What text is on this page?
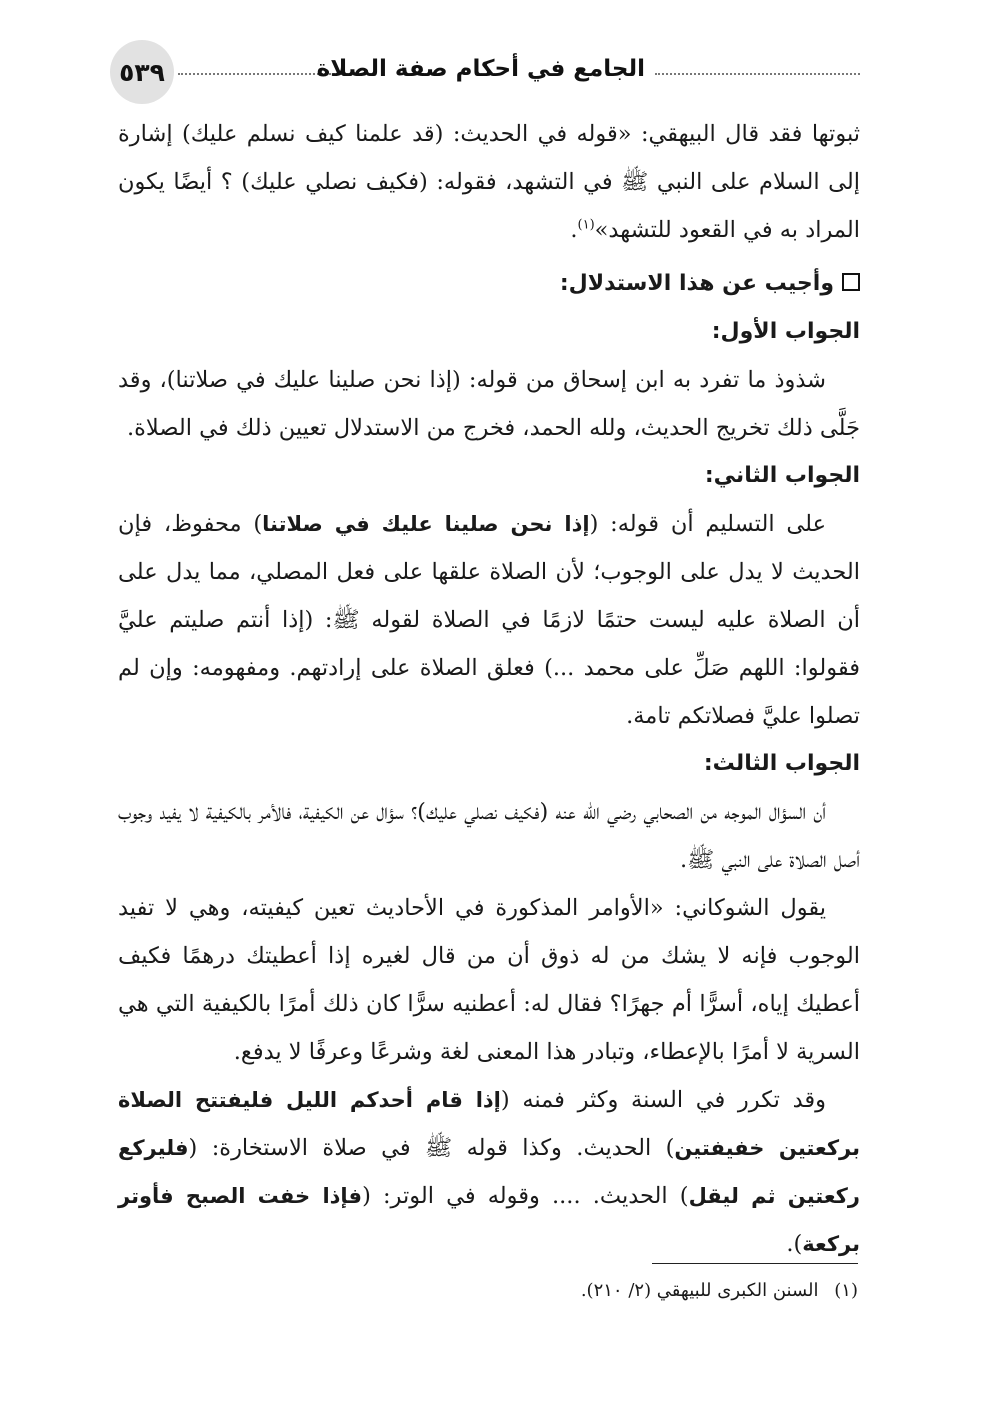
٥٣٩	الجامع في أحكام صفة الصلاة

ثبوتها فقد قال البيهقي: «قوله في الحديث: (قد علمنا كيف نسلم عليك) إشارة إلى السلام على النبي ﷺ في التشهد، فقوله: (فكيف نصلي عليك) ؟ أيضًا يكون المراد به في القعود للتشهد»$^{(١)}$.

وأجيب عن هذا الاستدلال:

الجواب الأول:

شذوذ ما تفرد به ابن إسحاق من قوله: (إذا نحن صلينا عليك في صلاتنا)، وقد جَلَّى ذلك تخريج الحديث، ولله الحمد، فخرج من الاستدلال تعيين ذلك في الصلاة.

الجواب الثاني:

على التسليم أن قوله: (إذا نحن صلينا عليك في صلاتنا) محفوظ، فإن الحديث لا يدل على الوجوب؛ لأن الصلاة علقها على فعل المصلي، مما يدل على أن الصلاة عليه ليست حتمًا لازمًا في الصلاة لقوله ﷺ: (إذا أنتم صليتم عليَّ فقولوا: اللهم صَلِّ على محمد ...) فعلق الصلاة على إرادتهم. ومفهومه: وإن لم تصلوا عليَّ فصلاتكم تامة.

الجواب الثالث:

أن السؤال الموجه من الصحابي رضي الله عنه (فكيف نصلي عليك)؟ سؤال عن الكيفية، فالأمر بالكيفية لا يفيد وجوب أصل الصلاة على النبي ﷺ.

يقول الشوكاني: «الأوامر المذكورة في الأحاديث تعين كيفيته، وهي لا تفيد الوجوب فإنه لا يشك من له ذوق أن من قال لغيره إذا أعطيتك درهمًا فكيف أعطيك إياه، أسرًّا أم جهرًا؟ فقال له: أعطنيه سرًّا كان ذلك أمرًا بالكيفية التي هي السرية لا أمرًا بالإعطاء، وتبادر هذا المعنى لغة وشرعًا وعرفًا لا يدفع.

وقد تكرر في السنة وكثر فمنه (إذا قام أحدكم الليل فليفتتح الصلاة بركعتين خفيفتين) الحديث. وكذا قوله ﷺ في صلاة الاستخارة: (فليركع ركعتين ثم ليقل) الحديث. .... وقوله في الوتر: (فإذا خفت الصبح فأوتر بركعة).

(١) السنن الكبرى للبيهقي (٢/ ٢١٠).
